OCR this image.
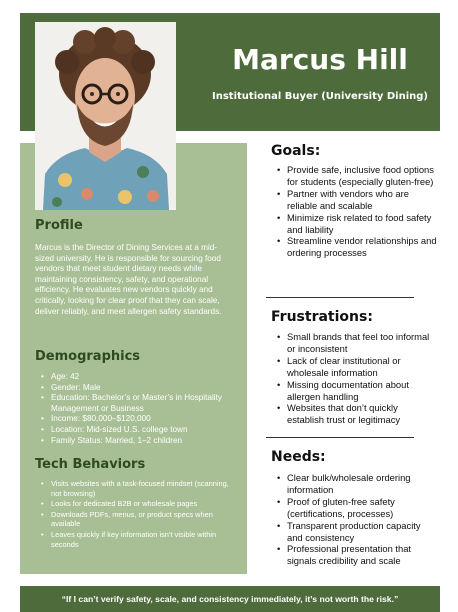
Marcus Hill
Institutional Buyer (University Dining)
Profile

Marcus is the Director of Dining Services at a mid-sized university. He is responsible for sourcing food vendors that meet student dietary needs while maintaining consistency, safety, and operational efficiency. He evaluates new vendors quickly and critically, looking for clear proof that they can scale, deliver reliably, and meet allergen safety standards.

Demographics
• Age: 42
• Gender: Male
• Education: Bachelor’s or Master’s in Hospitality Management or Business
• Income: $80,000–$120,000
• Location: Mid-sized U.S. college town
• Family Status: Married, 1–2 children
Tech Behaviors
• Visits websites with a task-focused mindset (scanning, not browsing)
• Looks for dedicated B2B or wholesale pages
• Downloads PDFs, menus, or product specs when available
• Leaves quickly if key information isn’t visible within seconds
Goals:
• Provide safe, inclusive food options for students (especially gluten-free)
• Partner with vendors who are reliable and scalable
• Minimize risk related to food safety and liability
• Streamline vendor relationships and ordering processes
Frustrations:
• Small brands that feel too informal or inconsistent
• Lack of clear institutional or wholesale information
• Missing documentation about allergen handling
• Websites that don’t quickly establish trust or legitimacy
Needs:
• Clear bulk/wholesale ordering information
• Proof of gluten-free safety (certifications, processes)
• Transparent production capacity and consistency
• Professional presentation that signals credibility and scale
“If I can’t verify safety, scale, and consistency immediately, it’s not worth the risk.”
